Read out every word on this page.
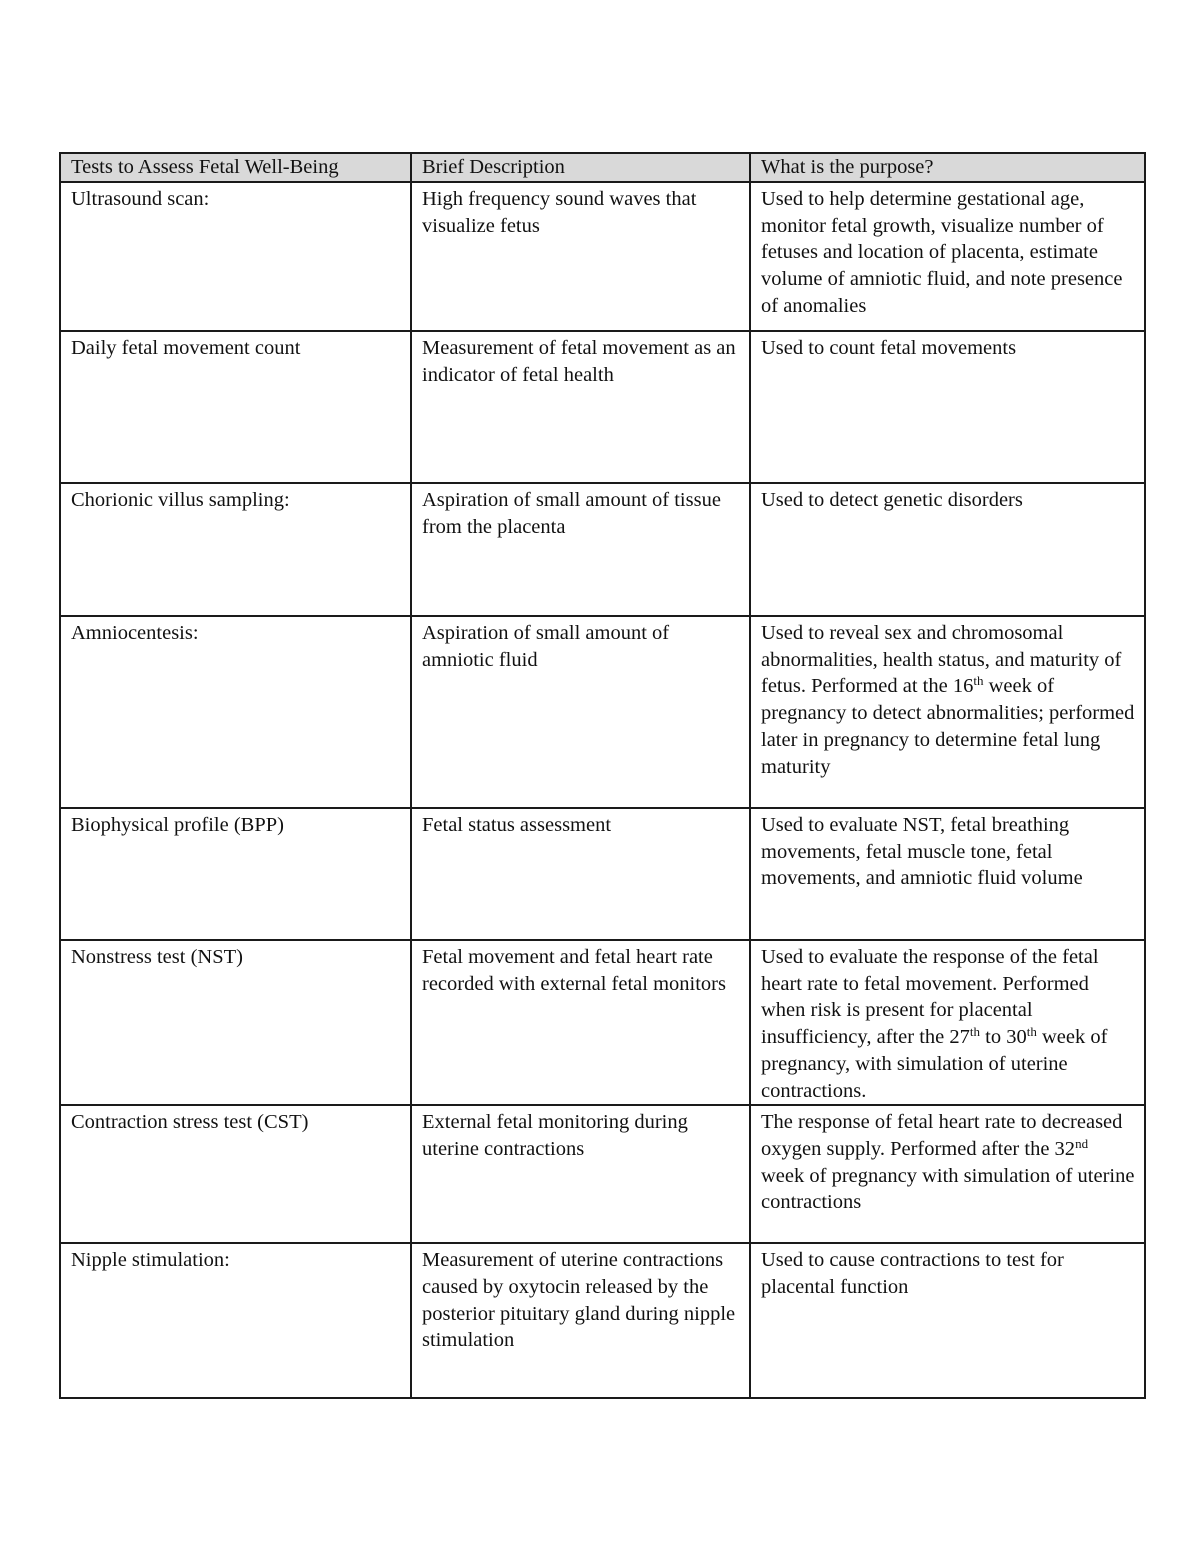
Tests to Assess Fetal Well-Being	Brief Description	What is the purpose?
Ultrasound scan:	High frequency sound waves that visualize fetus	Used to help determine gestational age, monitor fetal growth, visualize number of fetuses and location of placenta, estimate volume of amniotic fluid, and note presence of anomalies
Daily fetal movement count	Measurement of fetal movement as an indicator of fetal health	Used to count fetal movements
Chorionic villus sampling:	Aspiration of small amount of tissue from the placenta	Used to detect genetic disorders
Amniocentesis:	Aspiration of small amount of amniotic fluid	Used to reveal sex and chromosomal abnormalities, health status, and maturity of fetus. Performed at the 16th week of pregnancy to detect abnormalities; performed later in pregnancy to determine fetal lung maturity
Biophysical profile (BPP)	Fetal status assessment	Used to evaluate NST, fetal breathing movements, fetal muscle tone, fetal movements, and amniotic fluid volume
Nonstress test (NST)	Fetal movement and fetal heart rate recorded with external fetal monitors	Used to evaluate the response of the fetal heart rate to fetal movement. Performed when risk is present for placental insufficiency, after the 27th to 30th week of pregnancy, with simulation of uterine contractions.
Contraction stress test (CST)	External fetal monitoring during uterine contractions	The response of fetal heart rate to decreased oxygen supply. Performed after the 32nd week of pregnancy with simulation of uterine contractions
Nipple stimulation:	Measurement of uterine contractions caused by oxytocin released by the posterior pituitary gland during nipple stimulation	Used to cause contractions to test for placental function
